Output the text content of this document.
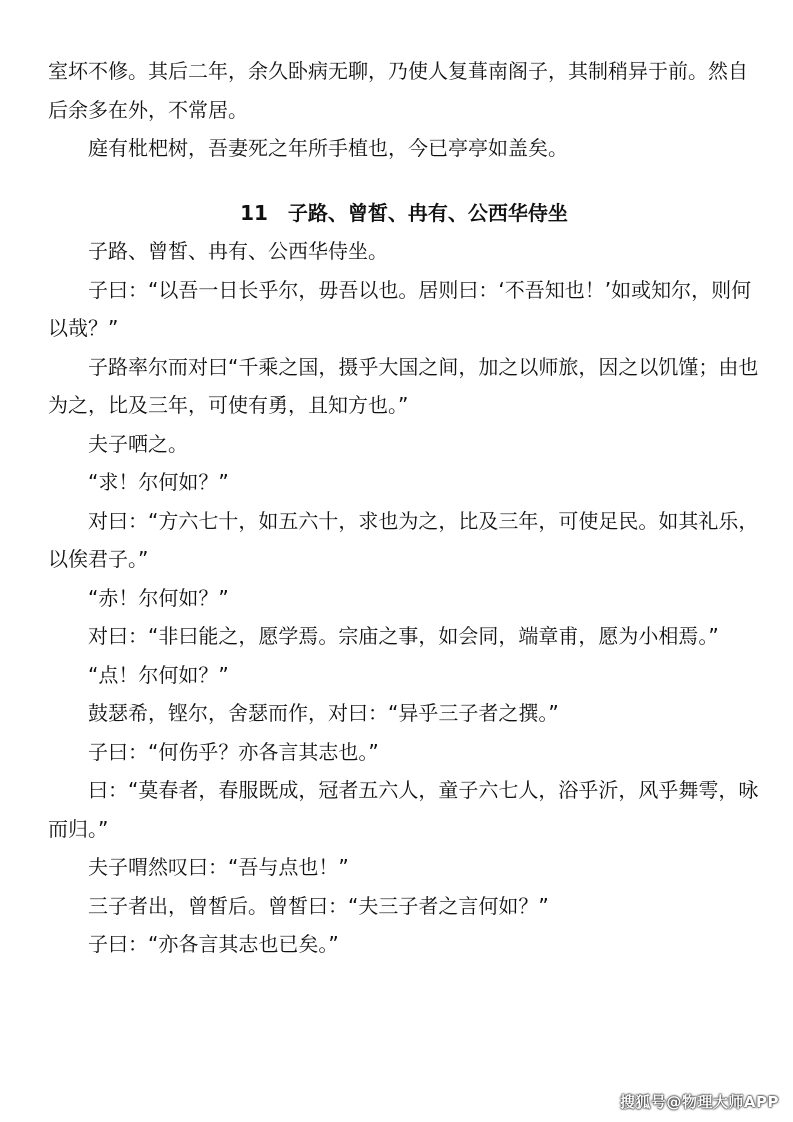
室坏不修。其后二年，余久卧病无聊，乃使人复葺南阁子，其制稍异于前。然自后余多在外，不常居。

庭有枇杷树，吾妻死之年所手植也，今已亭亭如盖矣。

11　子路、曾皙、冉有、公西华侍坐

子路、曾皙、冉有、公西华侍坐。

子曰：“以吾一日长乎尔，毋吾以也。居则曰：‘不吾知也！’如或知尔，则何以哉？”

子路率尔而对曰“千乘之国，摄乎大国之间，加之以师旅，因之以饥馑；由也为之，比及三年，可使有勇，且知方也。”

夫子哂之。

“求！尔何如？”

对曰：“方六七十，如五六十，求也为之，比及三年，可使足民。如其礼乐，以俟君子。”

“赤！尔何如？”

对曰：“非曰能之，愿学焉。宗庙之事，如会同，端章甫，愿为小相焉。”

“点！尔何如？”

鼓瑟希，铿尔，舍瑟而作，对曰：“异乎三子者之撰。”

子曰：“何伤乎？亦各言其志也。”

曰：“莫春者，春服既成，冠者五六人，童子六七人，浴乎沂，风乎舞雩，咏而归。”

夫子喟然叹曰：“吾与点也！”

三子者出，曾皙后。曾皙曰：“夫三子者之言何如？”

子曰：“亦各言其志也已矣。”

搜狐号@物理大师APP
